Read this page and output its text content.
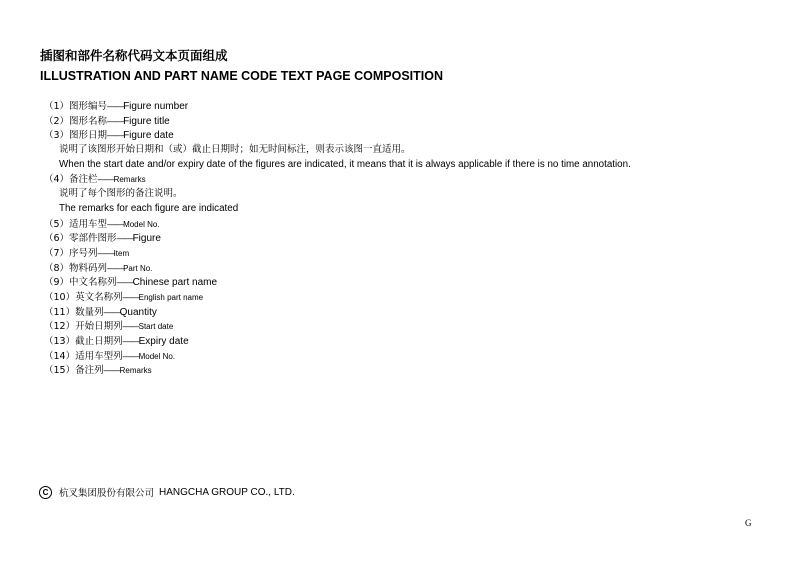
插图和部件名称代码文本页面组成
ILLUSTRATION AND PART NAME CODE TEXT PAGE COMPOSITION
（1）图形编号——Figure number
（2）图形名称——Figure title
（3）图形日期——Figure date
说明了该图形开始日期和（或）截止日期时；如无时间标注，则表示该图一直适用。
When the start date and/or expiry date of the figures are indicated, it means that it is always applicable if there is no time annotation.
（4）备注栏——Remarks
说明了每个图形的备注说明。
The remarks for each figure are indicated
（5）适用车型——Model No.
（6）零部件图形——Figure
（7）序号列——Item
（8）物料码列——Part No.
（9）中文名称列——Chinese part name
（10）英文名称列——English part name
（11）数量列——Quantity
（12）开始日期列——Start date
（13）截止日期列——Expiry date
（14）适用车型列——Model No.
（15）备注列——Remarks
C	杭叉集团股份有限公司 HANGCHA GROUP CO., LTD.
G
